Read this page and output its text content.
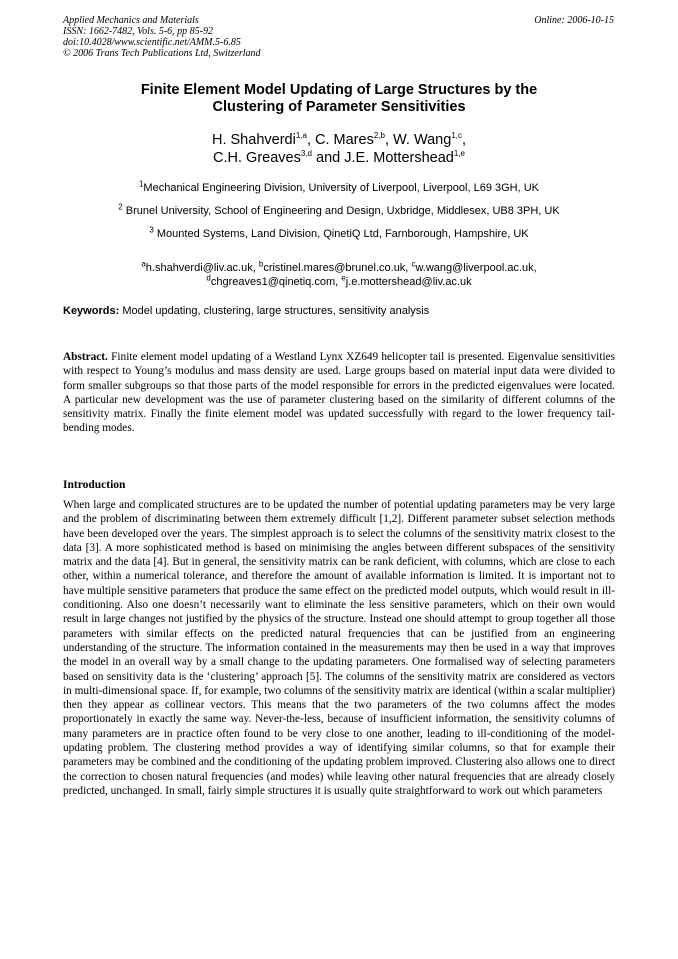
Applied Mechanics and Materials
ISSN: 1662-7482, Vols. 5-6, pp 85-92
doi:10.4028/www.scientific.net/AMM.5-6.85
© 2006 Trans Tech Publications Ltd, Switzerland
Online: 2006-10-15
Finite Element Model Updating of Large Structures by the
Clustering of Parameter Sensitivities
H. Shahverdi$^{1,a}$, C. Mares$^{2,b}$, W. Wang$^{1,c}$,
C.H. Greaves$^{3,d}$ and J.E. Mottershead$^{1,e}$
$^1$Mechanical Engineering Division, University of Liverpool, Liverpool, L69 3GH, UK
$^2$ Brunel University, School of Engineering and Design, Uxbridge, Middlesex, UB8 3PH, UK
$^3$ Mounted Systems, Land Division, QinetiQ Ltd, Farnborough, Hampshire, UK
$^a$h.shahverdi@liv.ac.uk, $^b$cristinel.mares@brunel.co.uk, $^c$w.wang@liverpool.ac.uk,
$^d$chgreaves1@qinetiq.com, $^e$j.e.mottershead@liv.ac.uk
Keywords: Model updating, clustering, large structures, sensitivity analysis
Abstract. Finite element model updating of a Westland Lynx XZ649 helicopter tail is presented. Eigenvalue sensitivities with respect to Young’s modulus and mass density are used. Large groups based on material input data were divided to form smaller subgroups so that those parts of the model responsible for errors in the predicted eigenvalues were located. A particular new development was the use of parameter clustering based on the similarity of different columns of the sensitivity matrix. Finally the finite element model was updated successfully with regard to the lower frequency tail-bending modes.
Introduction
When large and complicated structures are to be updated the number of potential updating parameters may be very large and the problem of discriminating between them extremely difficult [1,2]. Different parameter subset selection methods have been developed over the years. The simplest approach is to select the columns of the sensitivity matrix closest to the data [3]. A more sophisticated method is based on minimising the angles between different subspaces of the sensitivity matrix and the data [4]. But in general, the sensitivity matrix can be rank deficient, with columns, which are close to each other, within a numerical tolerance, and therefore the amount of available information is limited. It is important not to have multiple sensitive parameters that produce the same effect on the predicted model outputs, which would result in ill-conditioning. Also one doesn’t necessarily want to eliminate the less sensitive parameters, which on their own would result in large changes not justified by the physics of the structure. Instead one should attempt to group together all those parameters with similar effects on the predicted natural frequencies that can be justified from an engineering understanding of the structure. The information contained in the measurements may then be used in a way that improves the model in an overall way by a small change to the updating parameters. One formalised way of selecting parameters based on sensitivity data is the ‘clustering’ approach [5]. The columns of the sensitivity matrix are considered as vectors in multi-dimensional space. If, for example, two columns of the sensitivity matrix are identical (within a scalar multiplier) then they appear as collinear vectors. This means that the two parameters of the two columns affect the modes proportionately in exactly the same way. Never-the-less, because of insufficient information, the sensitivity columns of many parameters are in practice often found to be very close to one another, leading to ill-conditioning of the model-updating problem. The clustering method provides a way of identifying similar columns, so that for example their parameters may be combined and the conditioning of the updating problem improved. Clustering also allows one to direct the correction to chosen natural frequencies (and modes) while leaving other natural frequencies that are already closely predicted, unchanged. In small, fairly simple structures it is usually quite straightforward to work out which parameters
